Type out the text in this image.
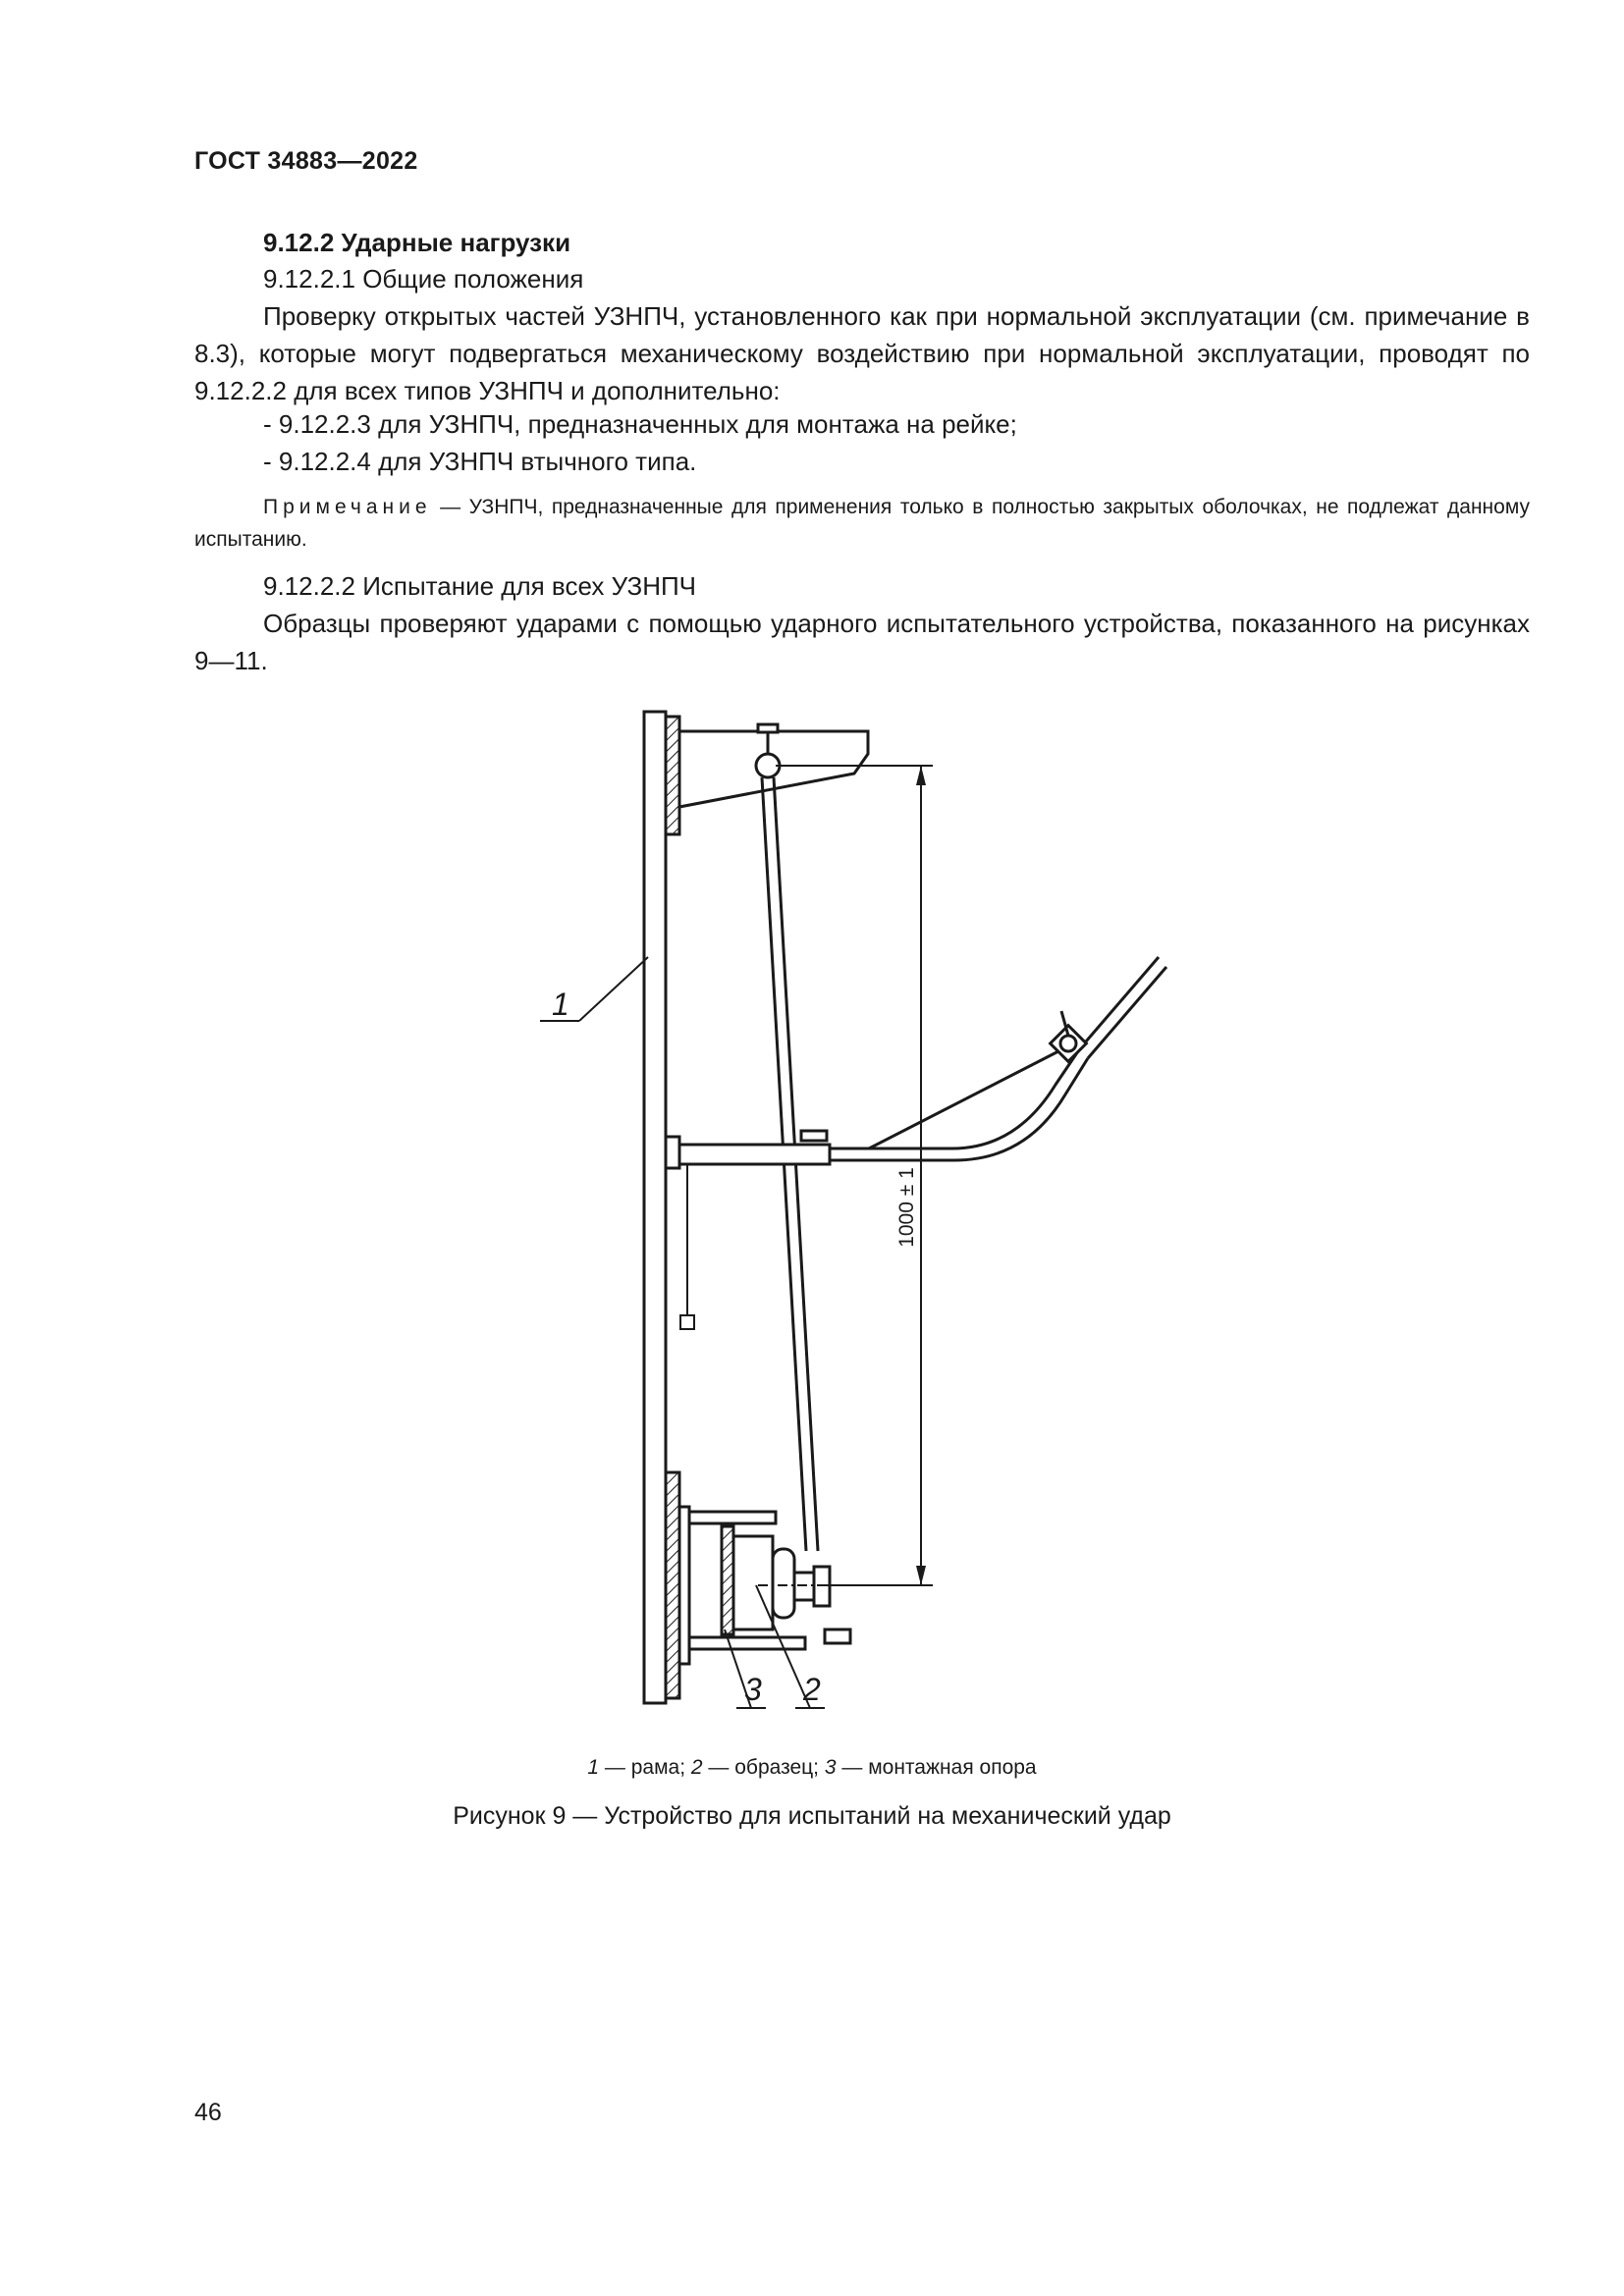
ГОСТ 34883—2022
9.12.2 Ударные нагрузки
9.12.2.1 Общие положения
Проверку открытых частей УЗНПЧ, установленного как при нормальной эксплуатации (см. примечание в 8.3), которые могут подвергаться механическому воздействию при нормальной эксплуатации, проводят по 9.12.2.2 для всех типов УЗНПЧ и дополнительно:
- 9.12.2.3 для УЗНПЧ, предназначенных для монтажа на рейке;
- 9.12.2.4 для УЗНПЧ втычного типа.
Примечание — УЗНПЧ, предназначенные для применения только в полностью закрытых оболочках, не подлежат данному испытанию.
9.12.2.2 Испытание для всех УЗНПЧ
Образцы проверяют ударами с помощью ударного испытательного устройства, показанного на рисунках 9—11.
1
3 2
1000 ± 1
1 — рама; 2 — образец; 3 — монтажная опора
Рисунок 9 — Устройство для испытаний на механический удар
46
